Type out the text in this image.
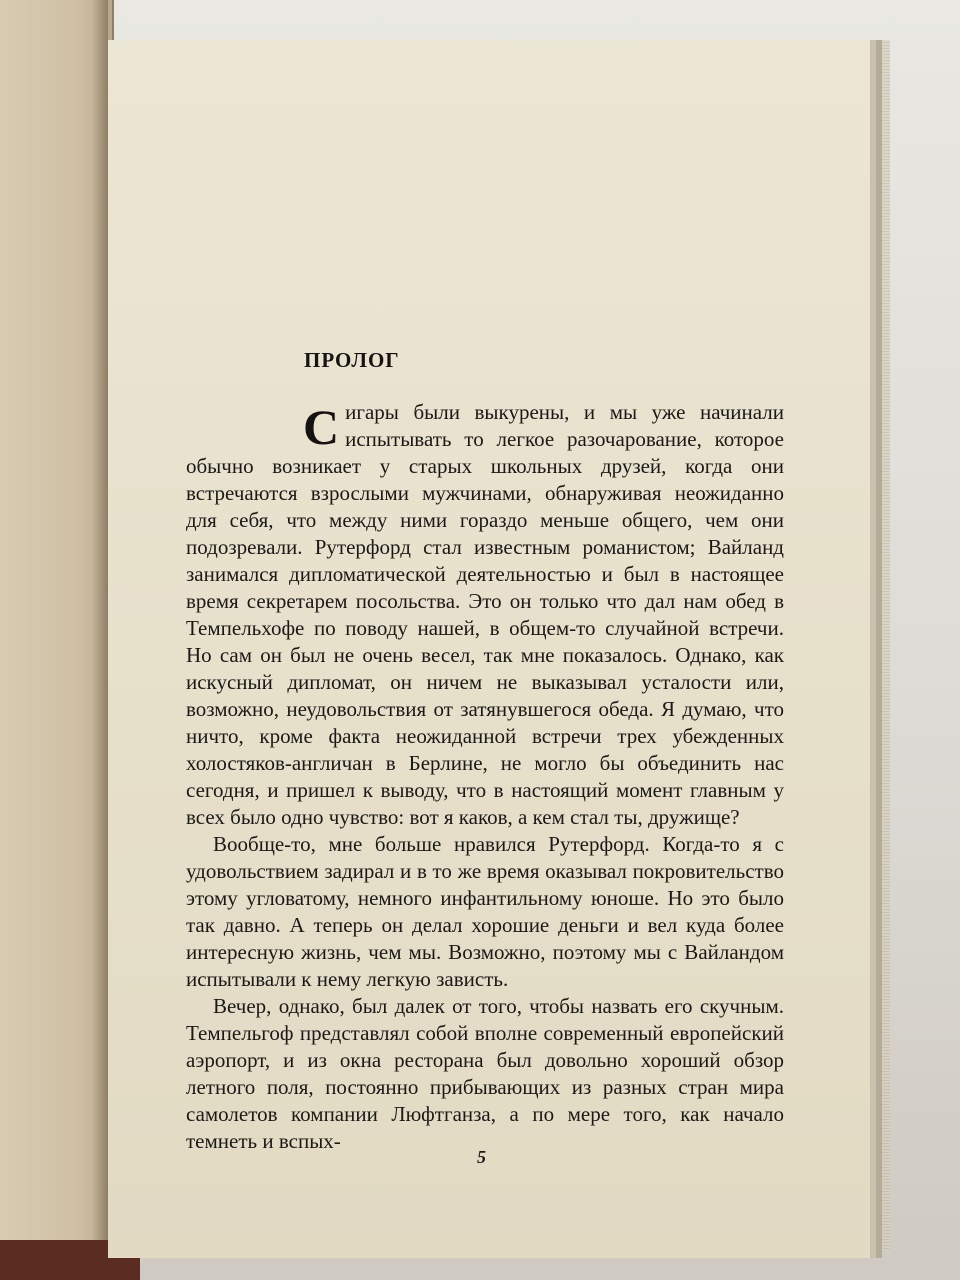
ПРОЛОГ

Сигары были выкурены, и мы уже начинали испытывать то легкое разочарование, которое обычно возникает у старых школьных друзей, когда они встречаются взрослыми мужчинами, обнаруживая неожиданно для себя, что между ними гораздо меньше общего, чем они подозревали. Рутерфорд стал известным романистом; Вайланд занимался дипломатической деятельностью и был в настоящее время секретарем посольства. Это он только что дал нам обед в Темпельхофе по поводу нашей, в общем-то случайной встречи. Но сам он был не очень весел, так мне показалось. Однако, как искусный дипломат, он ничем не выказывал усталости или, возможно, неудовольствия от затянувшегося обеда. Я думаю, что ничто, кроме факта неожиданной встречи трех убежденных холостяков-англичан в Берлине, не могло бы объединить нас сегодня, и пришел к выводу, что в настоящий момент главным у всех было одно чувство: вот я каков, а кем стал ты, дружище?

Вообще-то, мне больше нравился Рутерфорд. Когда-то я с удовольствием задирал и в то же время оказывал покровительство этому угловатому, немного инфантильному юноше. Но это было так давно. А теперь он делал хорошие деньги и вел куда более интересную жизнь, чем мы. Возможно, поэтому мы с Вайландом испытывали к нему легкую зависть.

Вечер, однако, был далек от того, чтобы назвать его скучным. Темпельгоф представлял собой вполне современный европейский аэропорт, и из окна ресторана был довольно хороший обзор летного поля, постоянно прибывающих из разных стран мира самолетов компании Люфтганза, а по мере того, как начало темнеть и вспых-

5
